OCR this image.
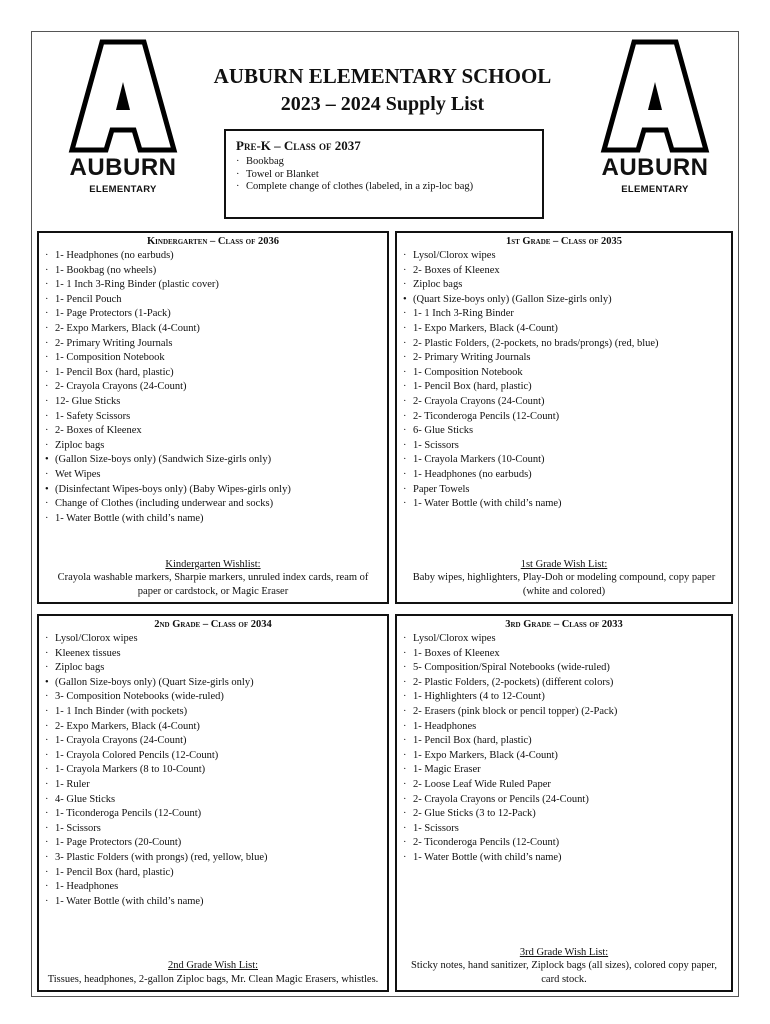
AUBURN
ELEMENTARY
AUBURN
ELEMENTARY
AUBURN ELEMENTARY SCHOOL
2023 – 2024 Supply List
Pre-K – Class of 2037
· Bookbag
· Towel or Blanket
· Complete change of clothes (labeled, in a zip-loc bag)
Kindergarten – Class of 2036
· 1- Headphones (no earbuds)
· 1- Bookbag (no wheels)
· 1- 1 Inch 3-Ring Binder (plastic cover)
· 1- Pencil Pouch
· 1- Page Protectors (1-Pack)
· 2- Expo Markers, Black (4-Count)
· 2- Primary Writing Journals
· 1- Composition Notebook
· 1- Pencil Box (hard, plastic)
· 2- Crayola Crayons (24-Count)
· 12- Glue Sticks
· 1- Safety Scissors
· 2- Boxes of Kleenex
· Ziploc bags
• (Gallon Size-boys only) (Sandwich Size-girls only)
· Wet Wipes
• (Disinfectant Wipes-boys only) (Baby Wipes-girls only)
· Change of Clothes (including underwear and socks)
· 1- Water Bottle (with child’s name)
Kindergarten Wishlist:
Crayola washable markers, Sharpie markers, unruled index cards, ream of paper or cardstock, or Magic Eraser
1st Grade – Class of 2035
· Lysol/Clorox wipes
· 2- Boxes of Kleenex
· Ziploc bags
• (Quart Size-boys only) (Gallon Size-girls only)
· 1- 1 Inch 3-Ring Binder
· 1- Expo Markers, Black (4-Count)
· 2- Plastic Folders, (2-pockets, no brads/prongs) (red, blue)
· 2- Primary Writing Journals
· 1- Composition Notebook
· 1- Pencil Box (hard, plastic)
· 2- Crayola Crayons (24-Count)
· 2- Ticonderoga Pencils (12-Count)
· 6- Glue Sticks
· 1- Scissors
· 1- Crayola Markers (10-Count)
· 1- Headphones (no earbuds)
· Paper Towels
· 1- Water Bottle (with child’s name)
1st Grade Wish List:
Baby wipes, highlighters, Play-Doh or modeling compound, copy paper (white and colored)
2nd Grade – Class of 2034
· Lysol/Clorox wipes
· Kleenex tissues
· Ziploc bags
• (Gallon Size-boys only) (Quart Size-girls only)
· 3- Composition Notebooks (wide-ruled)
· 1- 1 Inch Binder (with pockets)
· 2- Expo Markers, Black (4-Count)
· 1- Crayola Crayons (24-Count)
· 1- Crayola Colored Pencils (12-Count)
· 1- Crayola Markers (8 to 10-Count)
· 1- Ruler
· 4- Glue Sticks
· 1- Ticonderoga Pencils (12-Count)
· 1- Scissors
· 1- Page Protectors (20-Count)
· 3- Plastic Folders (with prongs) (red, yellow, blue)
· 1- Pencil Box (hard, plastic)
· 1- Headphones
· 1- Water Bottle (with child’s name)
2nd Grade Wish List:
Tissues, headphones, 2-gallon Ziploc bags, Mr. Clean Magic Erasers, whistles.
3rd Grade – Class of 2033
· Lysol/Clorox wipes
· 1- Boxes of Kleenex
· 5- Composition/Spiral Notebooks (wide-ruled)
· 2- Plastic Folders, (2-pockets) (different colors)
· 1- Highlighters (4 to 12-Count)
· 2- Erasers (pink block or pencil topper) (2-Pack)
· 1- Headphones
· 1- Pencil Box (hard, plastic)
· 1- Expo Markers, Black (4-Count)
· 1- Magic Eraser
· 2- Loose Leaf Wide Ruled Paper
· 2- Crayola Crayons or Pencils (24-Count)
· 2- Glue Sticks (3 to 12-Pack)
· 1- Scissors
· 2- Ticonderoga Pencils (12-Count)
· 1- Water Bottle (with child’s name)
3rd Grade Wish List:
Sticky notes, hand sanitizer, Ziplock bags (all sizes), colored copy paper, card stock.
